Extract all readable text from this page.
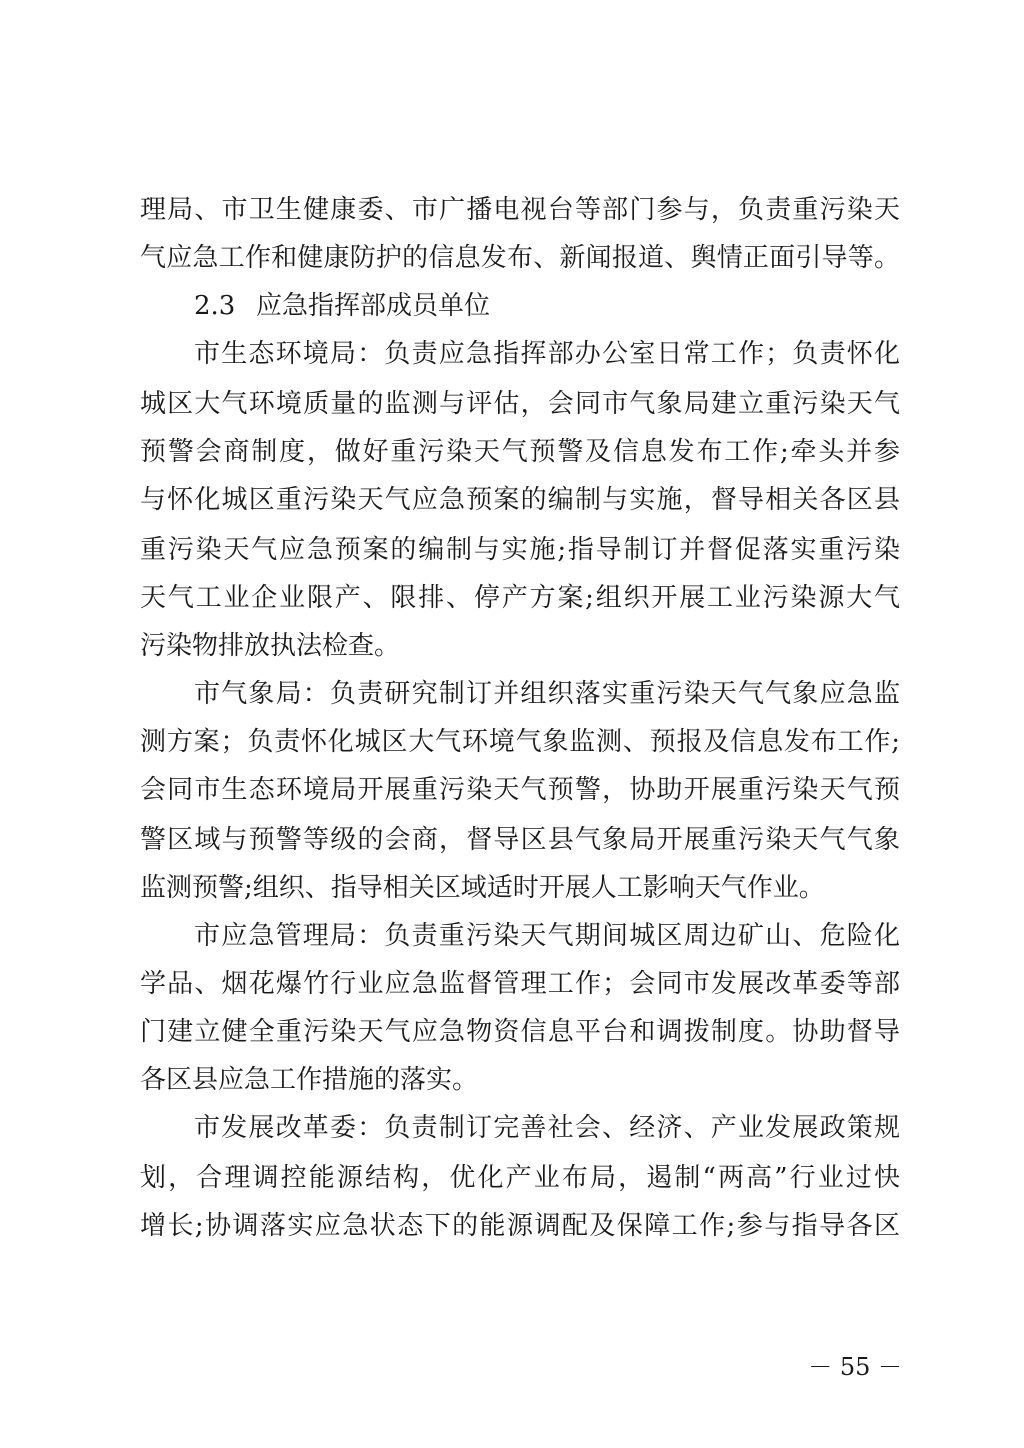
理局、市卫生健康委、市广播电视台等部门参与，负责重污染天
气应急工作和健康防护的信息发布、新闻报道、舆情正面引导等。
2.3 应急指挥部成员单位
市生态环境局：负责应急指挥部办公室日常工作；负责怀化
城区大气环境质量的监测与评估，会同市气象局建立重污染天气
预警会商制度，做好重污染天气预警及信息发布工作;牵头并参
与怀化城区重污染天气应急预案的编制与实施，督导相关各区县
重污染天气应急预案的编制与实施;指导制订并督促落实重污染
天气工业企业限产、限排、停产方案;组织开展工业污染源大气
污染物排放执法检查。
市气象局：负责研究制订并组织落实重污染天气气象应急监
测方案；负责怀化城区大气环境气象监测、预报及信息发布工作;
会同市生态环境局开展重污染天气预警，协助开展重污染天气预
警区域与预警等级的会商，督导区县气象局开展重污染天气气象
监测预警;组织、指导相关区域适时开展人工影响天气作业。
市应急管理局：负责重污染天气期间城区周边矿山、危险化
学品、烟花爆竹行业应急监督管理工作；会同市发展改革委等部
门建立健全重污染天气应急物资信息平台和调拨制度。协助督导
各区县应急工作措施的落实。
市发展改革委：负责制订完善社会、经济、产业发展政策规
划，合理调控能源结构，优化产业布局，遏制“两高”行业过快
增长;协调落实应急状态下的能源调配及保障工作;参与指导各区
－ 55 －
